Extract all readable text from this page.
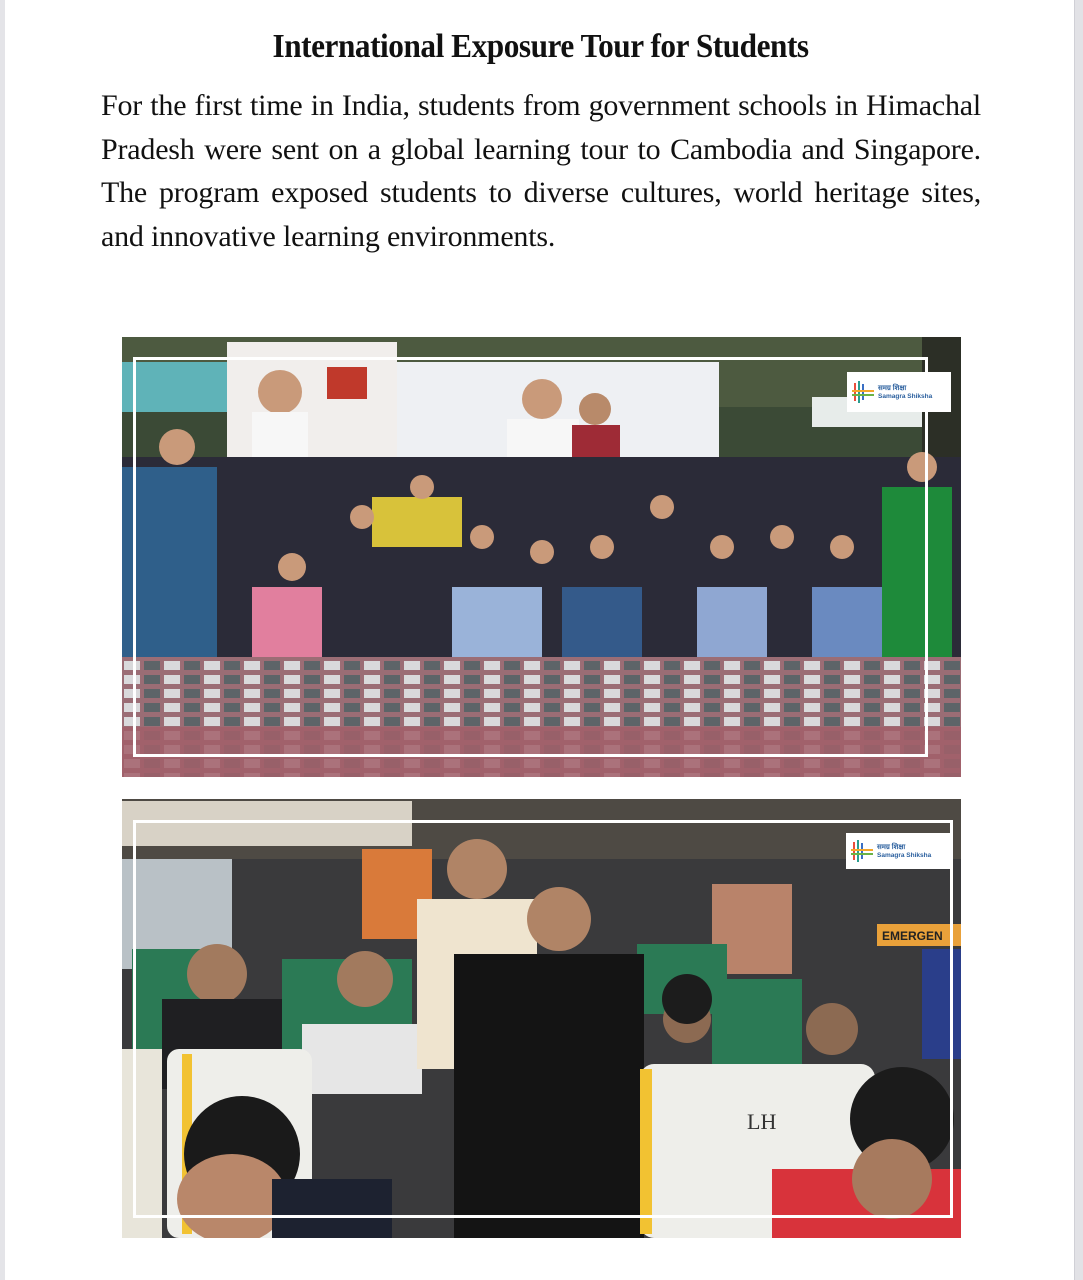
International Exposure Tour for Students

For the first time in India, students from government schools in Himachal Pradesh were sent on a global learning tour to Cambodia and Singapore. The program exposed students to diverse cultures, world heritage sites, and innovative learning environments.

समग्र शिक्षा
Samagra Shiksha
EMERGEN
LH
समग्र शिक्षा
Samagra Shiksha
